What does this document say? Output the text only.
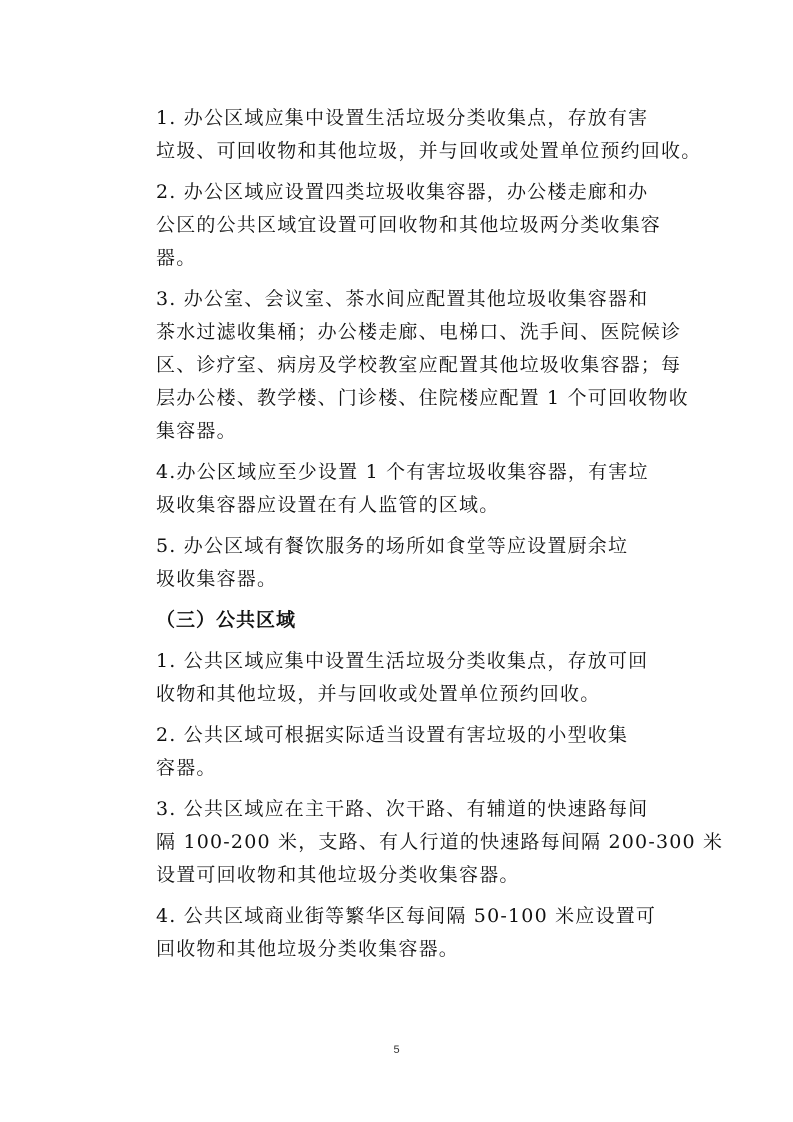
1. 办公区域应集中设置生活垃圾分类收集点，存放有害
垃圾、可回收物和其他垃圾，并与回收或处置单位预约回收。

2. 办公区域应设置四类垃圾收集容器，办公楼走廊和办
公区的公共区域宜设置可回收物和其他垃圾两分类收集容
器。

3. 办公室、会议室、茶水间应配置其他垃圾收集容器和
茶水过滤收集桶；办公楼走廊、电梯口、洗手间、医院候诊
区、诊疗室、病房及学校教室应配置其他垃圾收集容器；每
层办公楼、教学楼、门诊楼、住院楼应配置 1 个可回收物收
集容器。

4.办公区域应至少设置 1 个有害垃圾收集容器，有害垃
圾收集容器应设置在有人监管的区域。

5. 办公区域有餐饮服务的场所如食堂等应设置厨余垃
圾收集容器。

（三）公共区域

1. 公共区域应集中设置生活垃圾分类收集点，存放可回
收物和其他垃圾，并与回收或处置单位预约回收。

2. 公共区域可根据实际适当设置有害垃圾的小型收集
容器。

3. 公共区域应在主干路、次干路、有辅道的快速路每间
隔 100-200 米，支路、有人行道的快速路每间隔 200-300 米
设置可回收物和其他垃圾分类收集容器。

4. 公共区域商业街等繁华区每间隔 50-100 米应设置可
回收物和其他垃圾分类收集容器。

5
